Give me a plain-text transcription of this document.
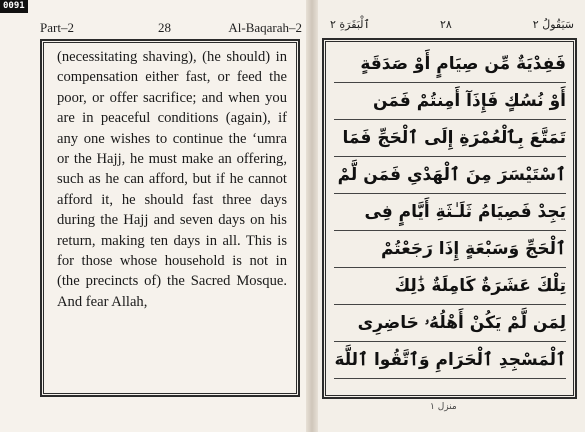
0091
Part–2	28	Al-Baqarah–2
(necessitating shaving), (he should) in compensation either fast, or feed the poor, or offer sacrifice; and when you are in peaceful conditions (again), if any one wishes to continue the ‘umra or the Hajj, he must make an offering, such as he can afford, but if he cannot afford it, he should fast three days during the Hajj and seven days on his return, making ten days in all. This is for those whose household is not in (the precincts of) the Sacred Mosque. And fear Allah,
سَيَقُولُ ٢
٢٨
ٱلْبَقَرَةِ ٢
فَفِدْيَةٌ مِّن صِيَامٍ أَوْ صَدَقَةٍ
أَوْ نُسُكٍ فَإِذَآ أَمِنتُمْ فَمَن
تَمَتَّعَ بِٱلْعُمْرَةِ إِلَى ٱلْحَجِّ فَمَا
ٱسْتَيْسَرَ مِنَ ٱلْهَدْىِ فَمَن لَّمْ
يَجِدْ فَصِيَامُ ثَلَـٰثَةِ أَيَّامٍ فِى
ٱلْحَجِّ وَسَبْعَةٍ إِذَا رَجَعْتُمْ
تِلْكَ عَشَرَةٌ كَامِلَةٌ ذَٰلِكَ
لِمَن لَّمْ يَكُنْ أَهْلُهُۥ حَاضِرِى
ٱلْمَسْجِدِ ٱلْحَرَامِ وَٱتَّقُوا ٱللَّهَ
منزل ١
